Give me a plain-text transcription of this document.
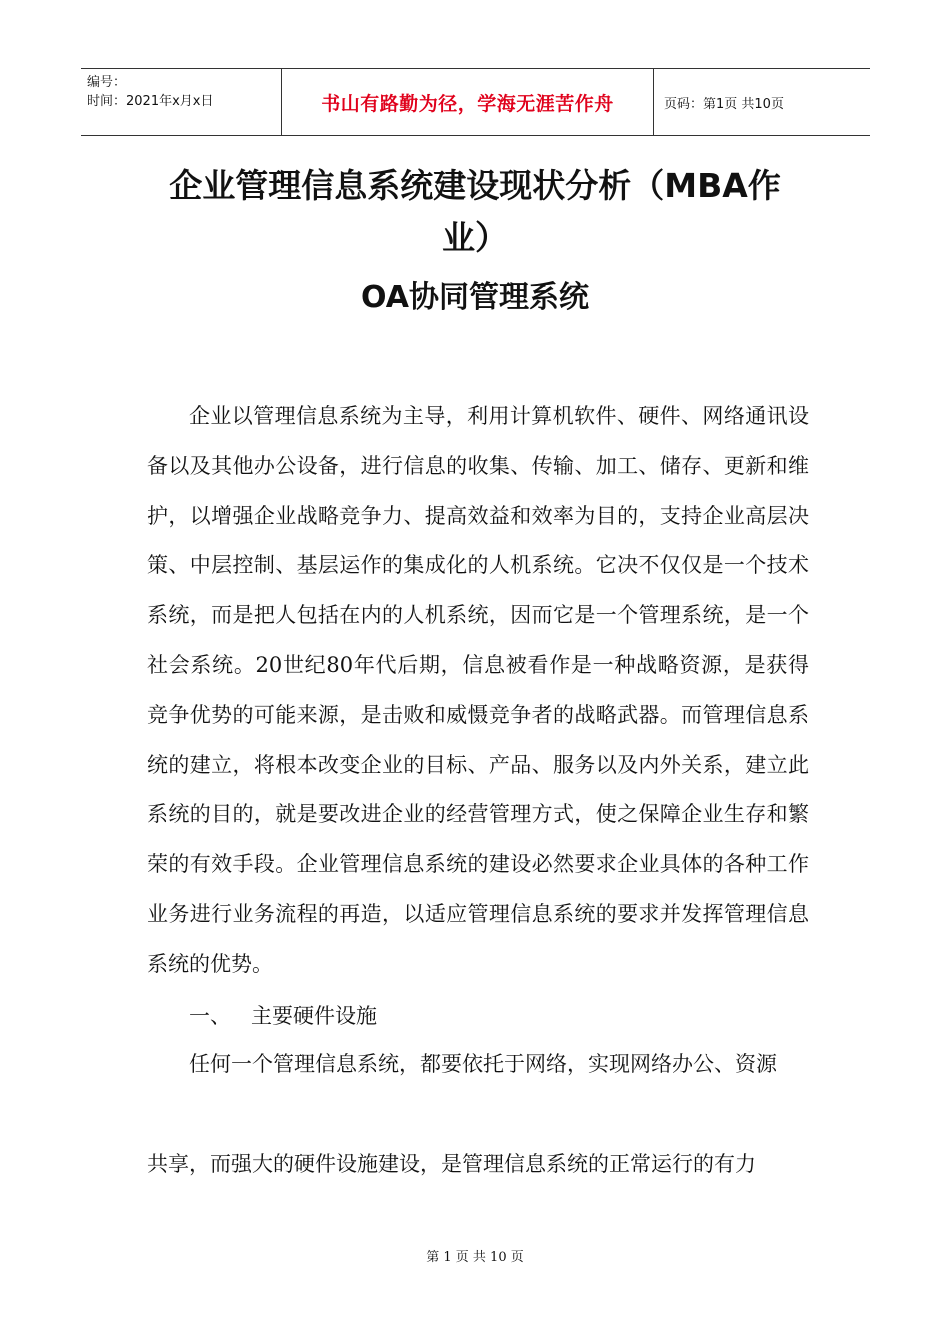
编号：
时间：2021年x月x日	书山有路勤为径，学海无涯苦作舟	页码：第1页 共10页
企业管理信息系统建设现状分析（MBA作业）
OA协同管理系统

企业以管理信息系统为主导，利用计算机软件、硬件、网络通讯设备以及其他办公设备，进行信息的收集、传输、加工、储存、更新和维护，以增强企业战略竞争力、提高效益和效率为目的，支持企业高层决策、中层控制、基层运作的集成化的人机系统。它决不仅仅是一个技术系统，而是把人包括在内的人机系统，因而它是一个管理系统，是一个社会系统。20世纪80年代后期，信息被看作是一种战略资源，是获得竞争优势的可能来源，是击败和威慑竞争者的战略武器。而管理信息系统的建立，将根本改变企业的目标、产品、服务以及内外关系，建立此系统的目的，就是要改进企业的经营管理方式，使之保障企业生存和繁荣的有效手段。企业管理信息系统的建设必然要求企业具体的各种工作业务进行业务流程的再造，以适应管理信息系统的要求并发挥管理信息系统的优势。

一、   主要硬件设施

任何一个管理信息系统，都要依托于网络，实现网络办公、资源

共享，而强大的硬件设施建设，是管理信息系统的正常运行的有力

第 1 页 共 10 页
